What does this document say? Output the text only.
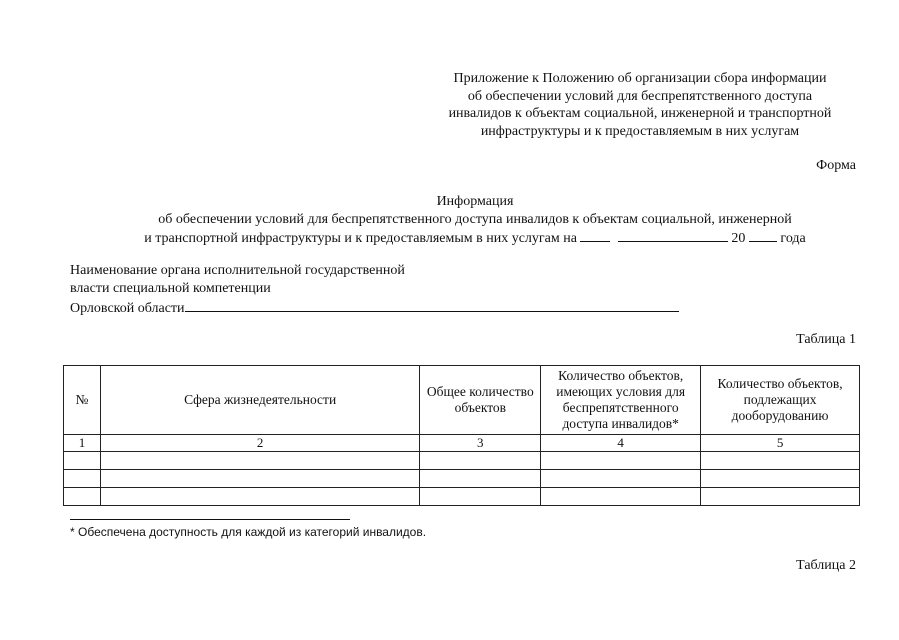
Приложение к Положению об организации сбора информации
об обеспечении условий для беспрепятственного доступа
инвалидов к объектам социальной, инженерной и транспортной
инфраструктуры и к предоставляемым в них услугам
Форма
Информация
об обеспечении условий для беспрепятственного доступа инвалидов к объектам социальной, инженерной
и транспортной инфраструктуры и к предоставляемым в них услугам на	20	года
Наименование органа исполнительной государственной
власти специальной компетенции
Орловской области
Таблица 1
№	Сфера жизнедеятельности	Общее количество объектов	Количество объектов, имеющих условия для беспрепятственного доступа инвалидов*	Количество объектов, подлежащих дооборудованию
1	2	3	4	5

* Обеспечена доступность для каждой из категорий инвалидов.
Таблица 2
